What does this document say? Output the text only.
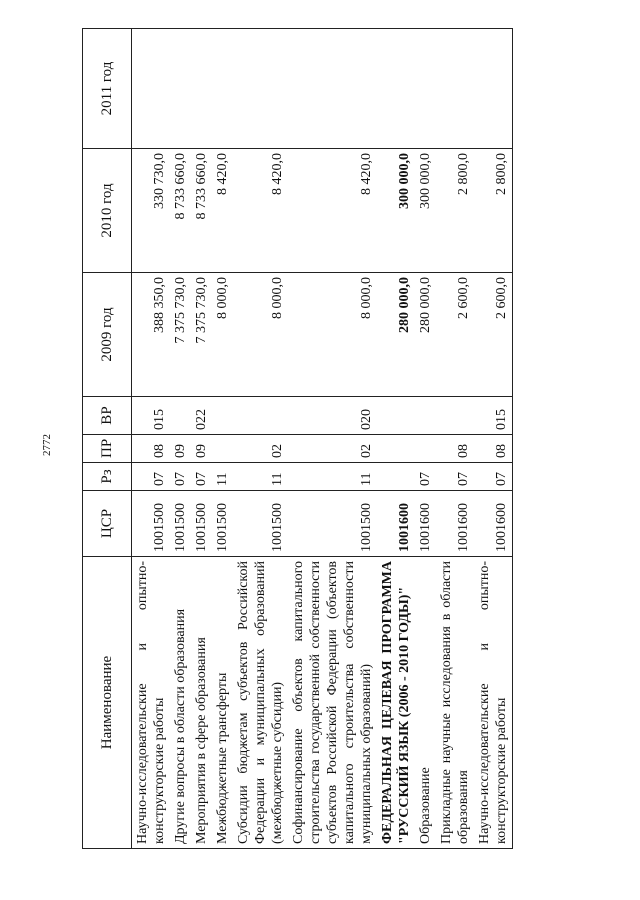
2772
Наименование	ЦСР	Рз	ПР	ВР	2009 год	2010 год	2011 год
Научно-исследовательские и опытно-конструкторские работы	1001500	07	08	015	388 350,0	330 730,0	
Другие вопросы в области образования	1001500	07	09		7 375 730,0	8 733 660,0	
Мероприятия в сфере образования	1001500	07	09	022	7 375 730,0	8 733 660,0	
Межбюджетные трансферты	1001500	11			8 000,0	8 420,0	
Субсидии бюджетам субъектов Российской Федерации и муниципальных образований (межбюджетные субсидии)	1001500	11	02		8 000,0	8 420,0	
Софинансирование объектов капитального строительства государственной собственности субъектов Российской Федерации (объектов капитального строительства собственности муниципальных образований)	1001500	11	02	020	8 000,0	8 420,0	
ФЕДЕРАЛЬНАЯ ЦЕЛЕВАЯ ПРОГРАММА "РУССКИЙ ЯЗЫК (2006 - 2010 ГОДЫ)"	1001600				280 000,0	300 000,0	
Образование	1001600	07			280 000,0	300 000,0	
Прикладные научные исследования в области образования	1001600	07	08		2 600,0	2 800,0	
Научно-исследовательские и опытно-конструкторские работы	1001600	07	08	015	2 600,0	2 800,0	
